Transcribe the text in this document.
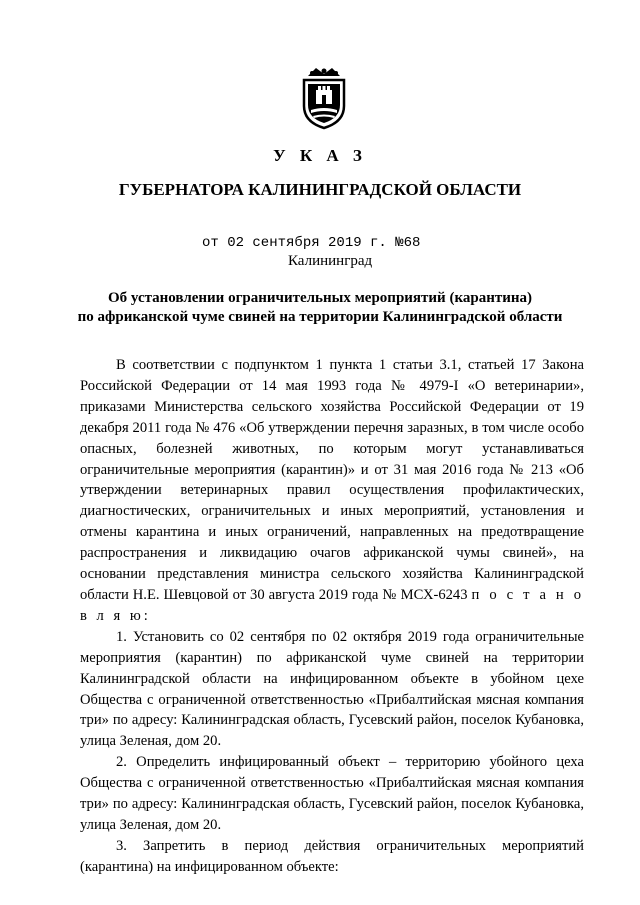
У К А З
ГУБЕРНАТОРА КАЛИНИНГРАДСКОЙ ОБЛАСТИ
от 02 сентября 2019 г. №68
Калининград
Об установлении ограничительных мероприятий (карантина)
по африканской чуме свиней на территории Калининградской области

В соответствии с подпунктом 1 пункта 1 статьи 3.1, статьей 17 Закона Российской Федерации от 14 мая 1993 года № 4979-I «О ветеринарии», приказами Министерства сельского хозяйства Российской Федерации от 19 декабря 2011 года № 476 «Об утверждении перечня заразных, в том числе особо опасных, болезней животных, по которым могут устанавливаться ограничительные мероприятия (карантин)» и от 31 мая 2016 года № 213 «Об утверждении ветеринарных правил осуществления профилактических, диагностических, ограничительных и иных мероприятий, установления и отмены карантина и иных ограничений, направленных на предотвращение распространения и ликвидацию очагов африканской чумы свиней», на основании представления министра сельского хозяйства Калининградской области Н.Е. Шевцовой от 30 августа 2019 года № МСХ-6243 п о с т а н о в л я ю:

1. Установить со 02 сентября по 02 октября 2019 года ограничительные мероприятия (карантин) по африканской чуме свиней на территории Калининградской области на инфицированном объекте в убойном цехе Общества с ограниченной ответственностью «Прибалтийская мясная компания три» по адресу: Калининградская область, Гусевский район, поселок Кубановка, улица Зеленая, дом 20.

2. Определить инфицированный объект – территорию убойного цеха Общества с ограниченной ответственностью «Прибалтийская мясная компания три» по адресу: Калининградская область, Гусевский район, поселок Кубановка, улица Зеленая, дом 20.

3. Запретить в период действия ограничительных мероприятий (карантина) на инфицированном объекте:
